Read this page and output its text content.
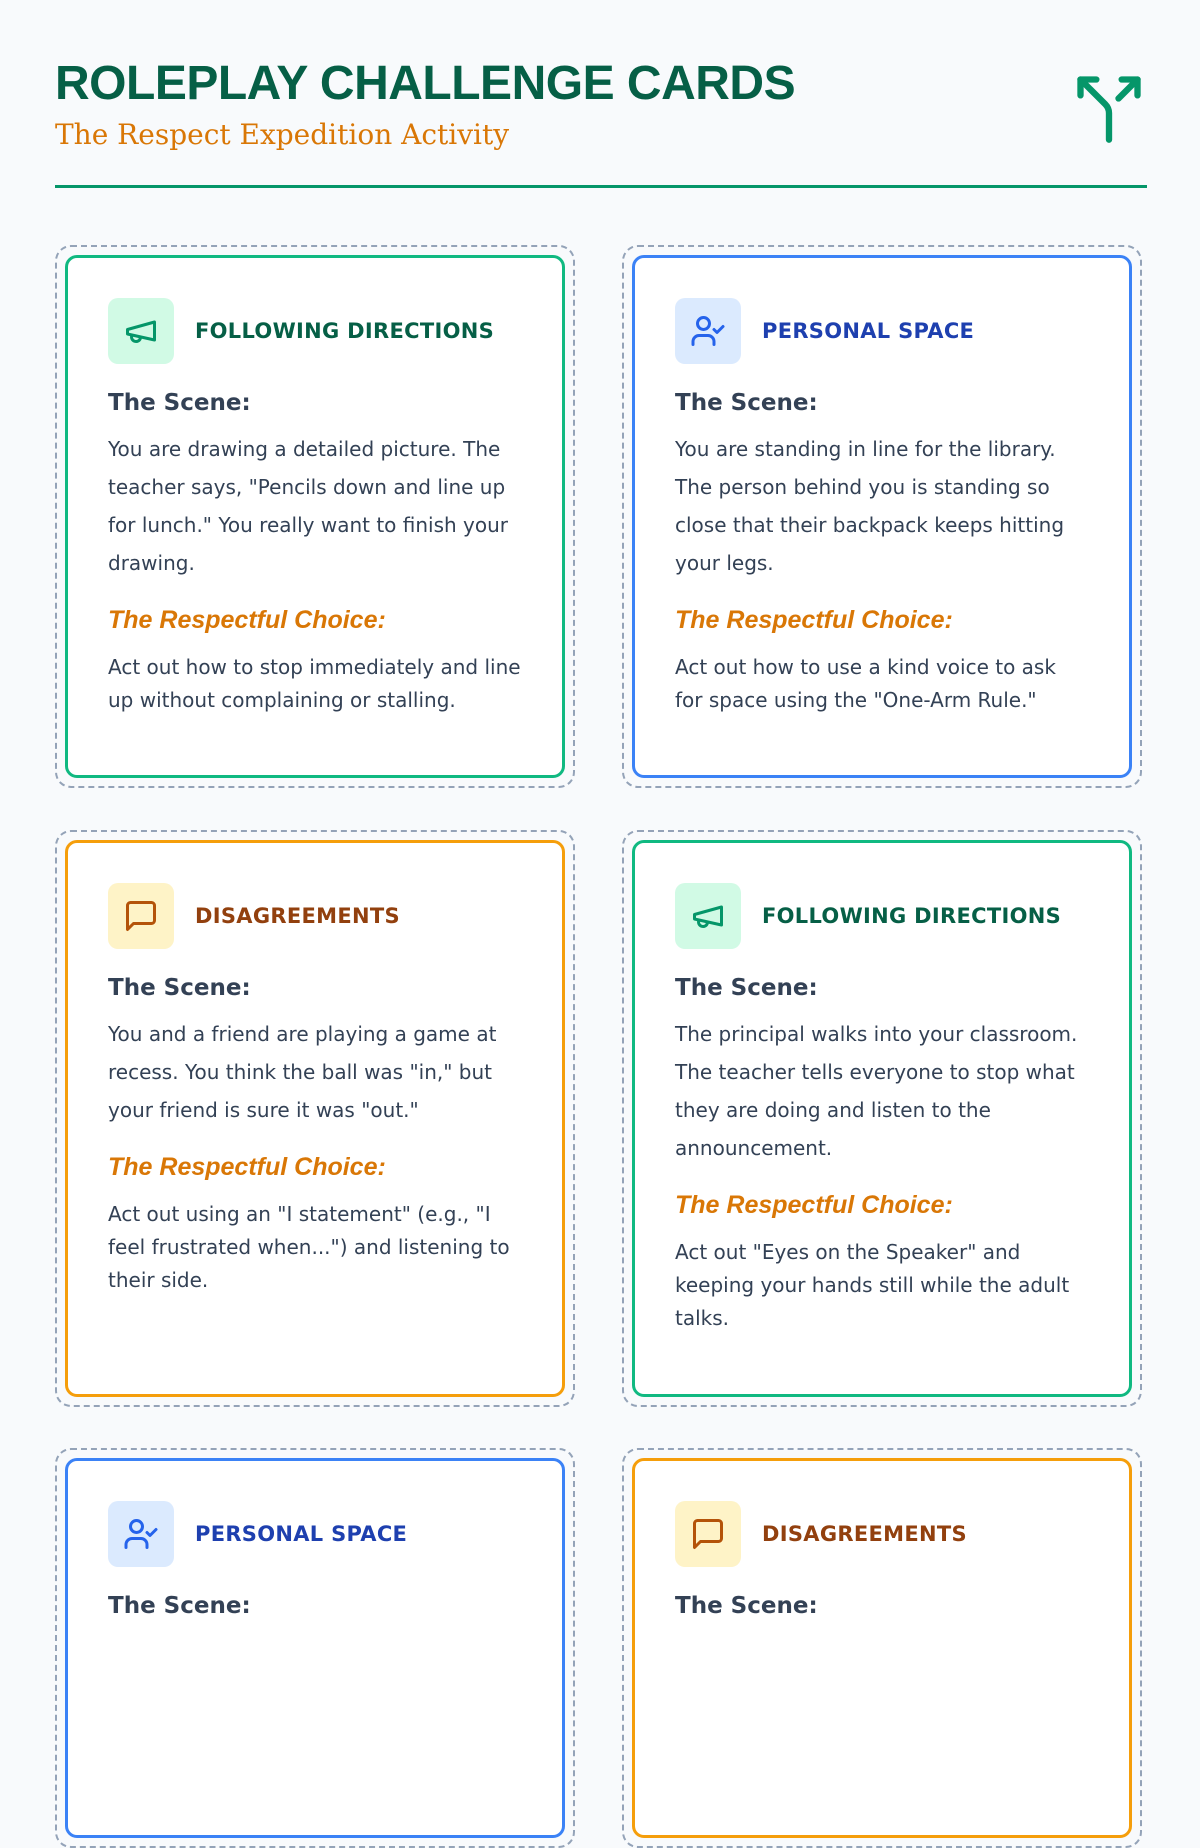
ROLEPLAY CHALLENGE CARDS
The Respect Expedition Activity
FOLLOWING DIRECTIONS
The Scene:
You are drawing a detailed picture. The teacher says, "Pencils down and line up for lunch." You really want to finish your drawing.
The Respectful Choice:
Act out how to stop immediately and line up without complaining or stalling.
PERSONAL SPACE
The Scene:
You are standing in line for the library. The person behind you is standing so close that their backpack keeps hitting your legs.
The Respectful Choice:
Act out how to use a kind voice to ask for space using the "One-Arm Rule."
DISAGREEMENTS
The Scene:
You and a friend are playing a game at recess. You think the ball was "in," but your friend is sure it was "out."
The Respectful Choice:
Act out using an "I statement" (e.g., "I feel frustrated when...") and listening to their side.
FOLLOWING DIRECTIONS
The Scene:
The principal walks into your classroom. The teacher tells everyone to stop what they are doing and listen to the announcement.
The Respectful Choice:
Act out "Eyes on the Speaker" and keeping your hands still while the adult talks.
PERSONAL SPACE
The Scene:
DISAGREEMENTS
The Scene:
